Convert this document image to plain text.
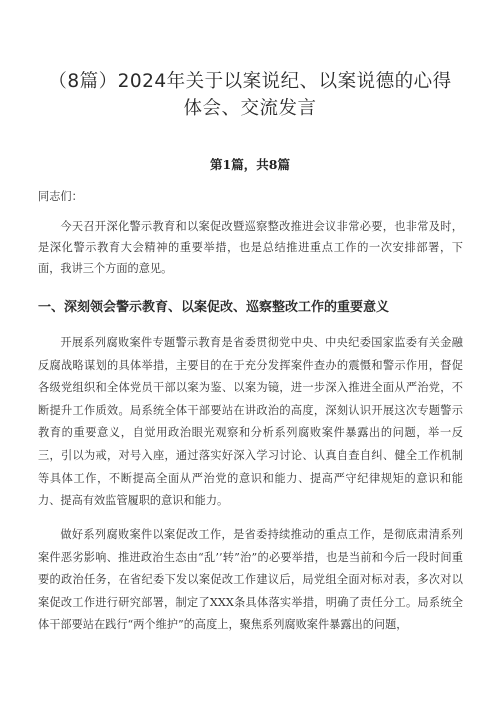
（8篇）2024年关于以案说纪、以案说德的心得体会、交流发言
第1篇，共8篇
同志们：
今天召开深化警示教育和以案促改暨巡察整改推进会议非常必要，也非常及时，是深化警示教育大会精神的重要举措，也是总结推进重点工作的一次安排部署，下面，我讲三个方面的意见。
一、深刻领会警示教育、以案促改、巡察整改工作的重要意义
开展系列腐败案件专题警示教育是省委贯彻党中央、中央纪委国家监委有关金融反腐战略谋划的具体举措，主要目的在于充分发挥案件查办的震慑和警示作用，督促各级党组织和全体党员干部以案为鉴、以案为镜，进一步深入推进全面从严治党，不断提升工作质效。局系统全体干部要站在讲政治的高度，深刻认识开展这次专题警示教育的重要意义，自觉用政治眼光观察和分析系列腐败案件暴露出的问题，举一反三，引以为戒，对号入座，通过落实好深入学习讨论、认真自查自纠、健全工作机制等具体工作，不断提高全面从严治党的意识和能力、提高严守纪律规矩的意识和能力、提高有效监管履职的意识和能力。
做好系列腐败案件以案促改工作，是省委持续推动的重点工作，是彻底肃清系列案件恶劣影响、推进政治生态由“乱’’转”治”的必要举措，也是当前和今后一段时间重要的政治任务，在省纪委下发以案促改工作建议后，局党组全面对标对表，多次对以案促改工作进行研究部署，制定了XXX条具体落实举措，明确了责任分工。局系统全体干部要站在践行“两个维护”的高度上，聚焦系列腐败案件暴露出的问题，
